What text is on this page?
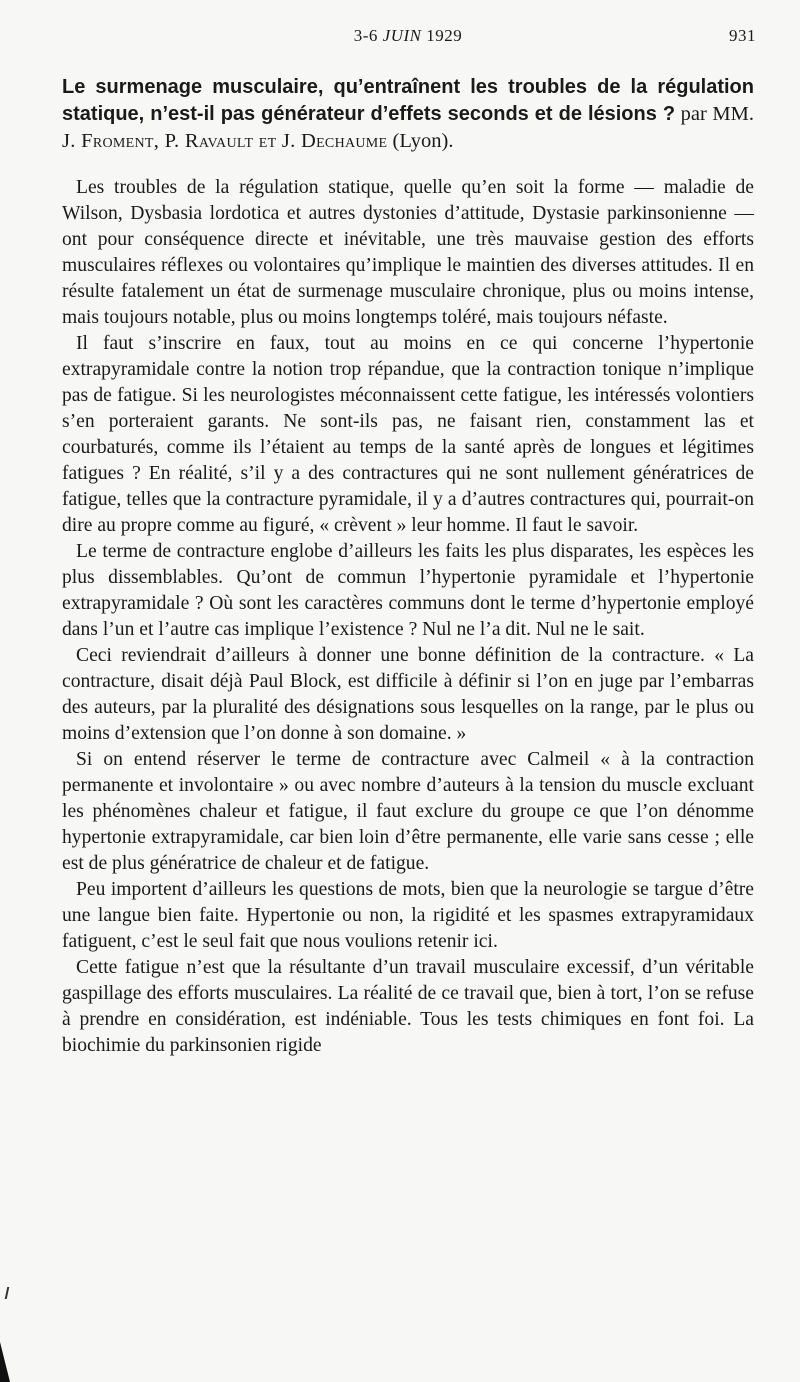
3-6 JUIN 1929	931
Le surmenage musculaire, qu’entraînent les troubles de la régulation statique, n’est-il pas générateur d’effets seconds et de lésions ? par MM. J. Froment, P. Ravault et J. Dechaume (Lyon).

Les troubles de la régulation statique, quelle qu’en soit la forme — maladie de Wilson, Dysbasia lordotica et autres dystonies d’attitude, Dystasie parkinsonienne — ont pour conséquence directe et inévitable, une très mauvaise gestion des efforts musculaires réflexes ou volontaires qu’implique le maintien des diverses attitudes. Il en résulte fatalement un état de surmenage musculaire chronique, plus ou moins intense, mais toujours notable, plus ou moins longtemps toléré, mais toujours néfaste.

Il faut s’inscrire en faux, tout au moins en ce qui concerne l’hypertonie extrapyramidale contre la notion trop répandue, que la contraction tonique n’implique pas de fatigue. Si les neurologistes méconnaissent cette fatigue, les intéressés volontiers s’en porteraient garants. Ne sont-ils pas, ne faisant rien, constamment las et courbaturés, comme ils l’étaient au temps de la santé après de longues et légitimes fatigues ? En réalité, s’il y a des contractures qui ne sont nullement génératrices de fatigue, telles que la contracture pyramidale, il y a d’autres contractures qui, pourrait-on dire au propre comme au figuré, « crèvent » leur homme. Il faut le savoir.

Le terme de contracture englobe d’ailleurs les faits les plus disparates, les espèces les plus dissemblables. Qu’ont de commun l’hypertonie pyramidale et l’hypertonie extrapyramidale ? Où sont les caractères communs dont le terme d’hypertonie employé dans l’un et l’autre cas implique l’existence ? Nul ne l’a dit. Nul ne le sait.

Ceci reviendrait d’ailleurs à donner une bonne définition de la contracture. « La contracture, disait déjà Paul Block, est difficile à définir si l’on en juge par l’embarras des auteurs, par la pluralité des désignations sous lesquelles on la range, par le plus ou moins d’extension que l’on donne à son domaine. »

Si on entend réserver le terme de contracture avec Calmeil « à la contraction permanente et involontaire » ou avec nombre d’auteurs à la tension du muscle excluant les phénomènes chaleur et fatigue, il faut exclure du groupe ce que l’on dénomme hypertonie extrapyramidale, car bien loin d’être permanente, elle varie sans cesse ; elle est de plus génératrice de chaleur et de fatigue.

Peu importent d’ailleurs les questions de mots, bien que la neurologie se targue d’être une langue bien faite. Hypertonie ou non, la rigidité et les spasmes extrapyramidaux fatiguent, c’est le seul fait que nous voulions retenir ici.

Cette fatigue n’est que la résultante d’un travail musculaire excessif, d’un véritable gaspillage des efforts musculaires. La réalité de ce travail que, bien à tort, l’on se refuse à prendre en considération, est indéniable. Tous les tests chimiques en font foi. La biochimie du parkinsonien rigide
